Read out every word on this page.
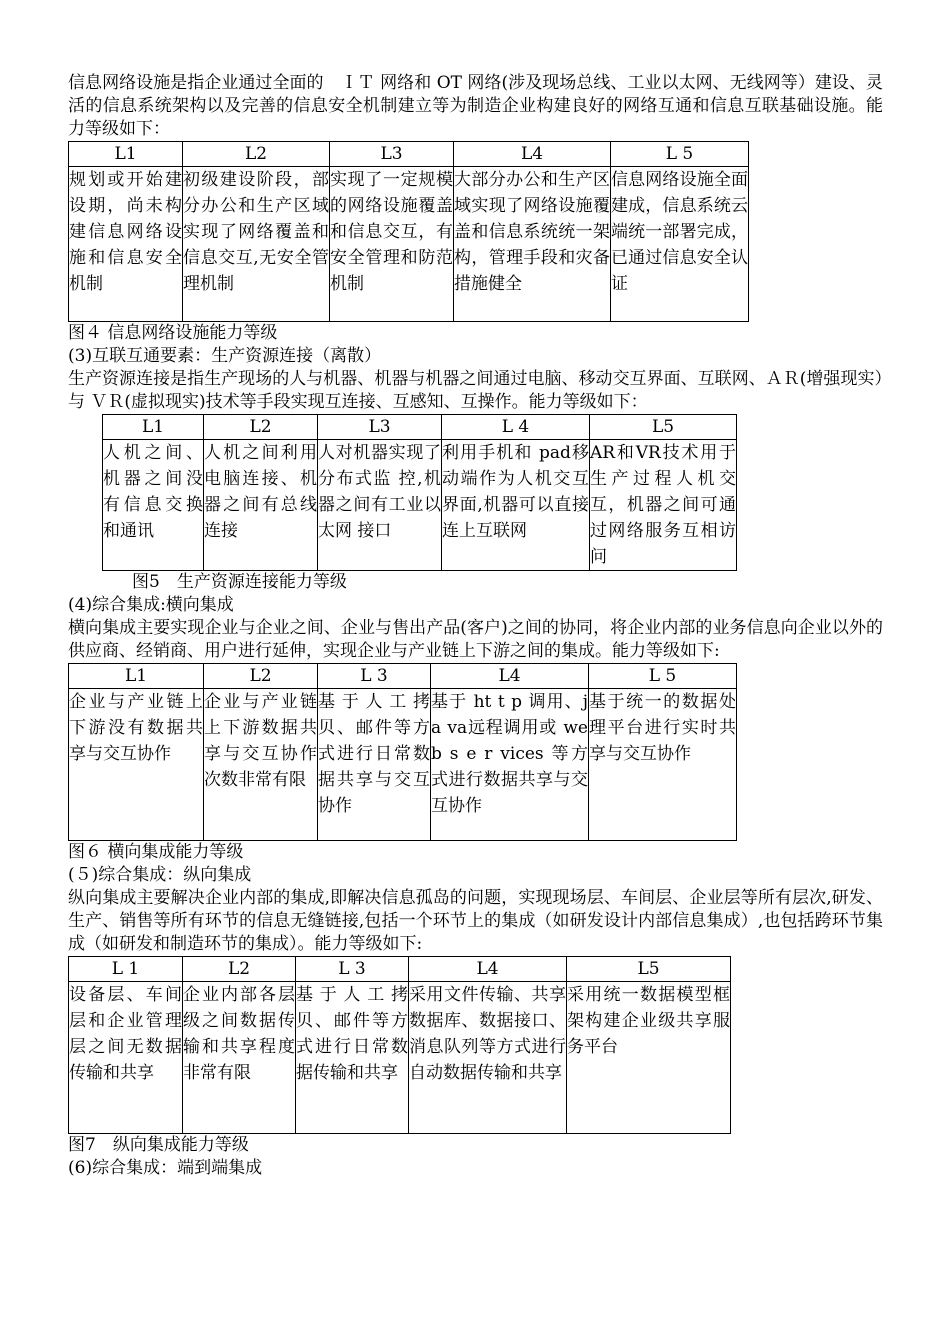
信息网络设施是指企业通过全面的　ＩＴ 网络和 OT 网络(涉及现场总线、工业以太网、无线网等）建设、灵活的信息系统架构以及完善的信息安全机制建立等为制造企业构建良好的网络互通和信息互联基础设施。能力等级如下：

L1	L2	L3	L4	L 5
规划或开始建设期，尚未构建信息网络设施和信息安全机制	初级建设阶段，部分办公和生产区域实现了网络覆盖和信息交互,无安全管理机制	实现了一定规模的网络设施覆盖和信息交互，有安全管理和防范机制	大部分办公和生产区域实现了网络设施覆盖和信息系统统一架构，管理手段和灾备措施健全	信息网络设施全面建成，信息系统云端统一部署完成，已通过信息安全认证

图４ 信息网络设施能力等级

(3)互联互通要素：生产资源连接（离散）

生产资源连接是指生产现场的人与机器、机器与机器之间通过电脑、移动交互界面、互联网、ＡＲ(增强现实）与 ＶＲ(虚拟现实)技术等手段实现互连接、互感知、互操作。能力等级如下：

L1	L2	L3	L 4	L5
人机之间、机器之间没有信息交换和通讯	人机之间利用电脑连接、机器之间有总线连接	人对机器实现了分布式监 控,机器之间有工业以太网 接口	利用手机和 pad移动端作为人机交互界面,机器可以直接连上互联网	AR和VR技术用于生产过程人机交互，机器之间可通过网络服务互相访问

图5　生产资源连接能力等级

(4)综合集成:横向集成

横向集成主要实现企业与企业之间、企业与售出产品(客户)之间的协同，将企业内部的业务信息向企业以外的供应商、经销商、用户进行延伸，实现企业与产业链上下游之间的集成。能力等级如下:

L1	L2	L 3	L4	L 5
企业与产业链上下游没有数据共享与交互协作	企业与产业链上下游数据共享与交互协作次数非常有限	基于人工拷贝、邮件等方式进行日常数据共享与交互协作	基于 ht t p 调用、j a va远程调用或 web s e r vices 等方式进行数据共享与交互协作	基于统一的数据处理平台进行实时共享与交互协作

图６ 横向集成能力等级

(５)综合集成：纵向集成

纵向集成主要解决企业内部的集成,即解决信息孤岛的问题，实现现场层、车间层、企业层等所有层次,研发、生产、销售等所有环节的信息无缝链接,包括一个环节上的集成（如研发设计内部信息集成）,也包括跨环节集成（如研发和制造环节的集成）。能力等级如下:

L 1	L2	L 3	L4	L5
设备层、车间层和企业管理层之间无数据传输和共享	企业内部各层级之间数据传输和共享程度非常有限	基于人工拷贝、邮件等方式进行日常数据传输和共享	采用文件传输、共享数据库、数据接口、消息队列等方式进行自动数据传输和共享	采用统一数据模型框架构建企业级共享服务平台

图7　纵向集成能力等级

(6)综合集成：端到端集成
